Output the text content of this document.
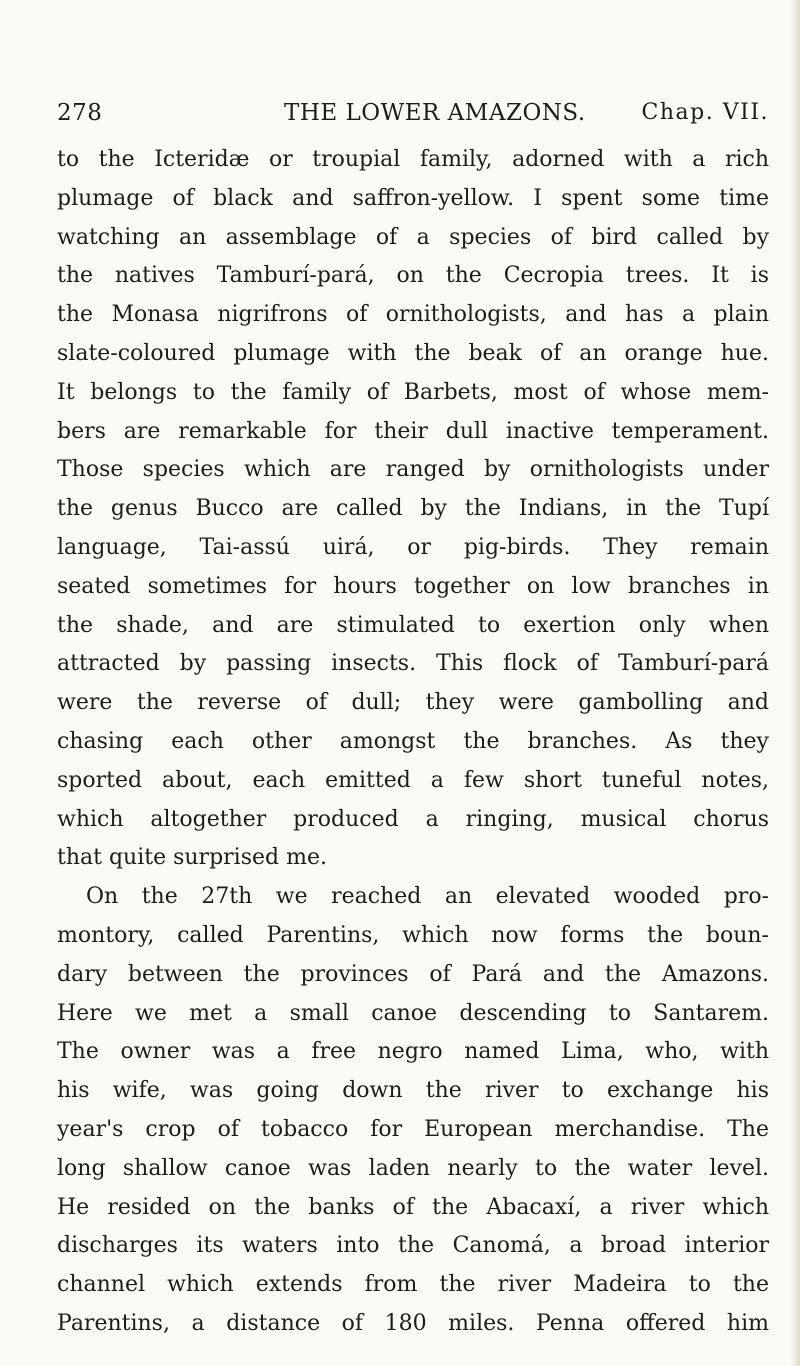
278	THE LOWER AMAZONS.	Chap. VII.
to the Icteridæ or troupial family, adorned with a rich
plumage of black and saffron-yellow. I spent some time
watching an assemblage of a species of bird called by
the natives Tamburí-pará, on the Cecropia trees. It is
the Monasa nigrifrons of ornithologists, and has a plain
slate-coloured plumage with the beak of an orange hue.
It belongs to the family of Barbets, most of whose mem-
bers are remarkable for their dull inactive temperament.
Those species which are ranged by ornithologists under
the genus Bucco are called by the Indians, in the Tupí
language, Tai-assú uirá, or pig-birds. They remain
seated sometimes for hours together on low branches in
the shade, and are stimulated to exertion only when
attracted by passing insects. This flock of Tamburí-pará
were the reverse of dull; they were gambolling and
chasing each other amongst the branches. As they
sported about, each emitted a few short tuneful notes,
which altogether produced a ringing, musical chorus
that quite surprised me.
On the 27th we reached an elevated wooded pro-
montory, called Parentins, which now forms the boun-
dary between the provinces of Pará and the Amazons.
Here we met a small canoe descending to Santarem.
The owner was a free negro named Lima, who, with
his wife, was going down the river to exchange his
year's crop of tobacco for European merchandise. The
long shallow canoe was laden nearly to the water level.
He resided on the banks of the Abacaxí, a river which
discharges its waters into the Canomá, a broad interior
channel which extends from the river Madeira to the
Parentins, a distance of 180 miles. Penna offered him
